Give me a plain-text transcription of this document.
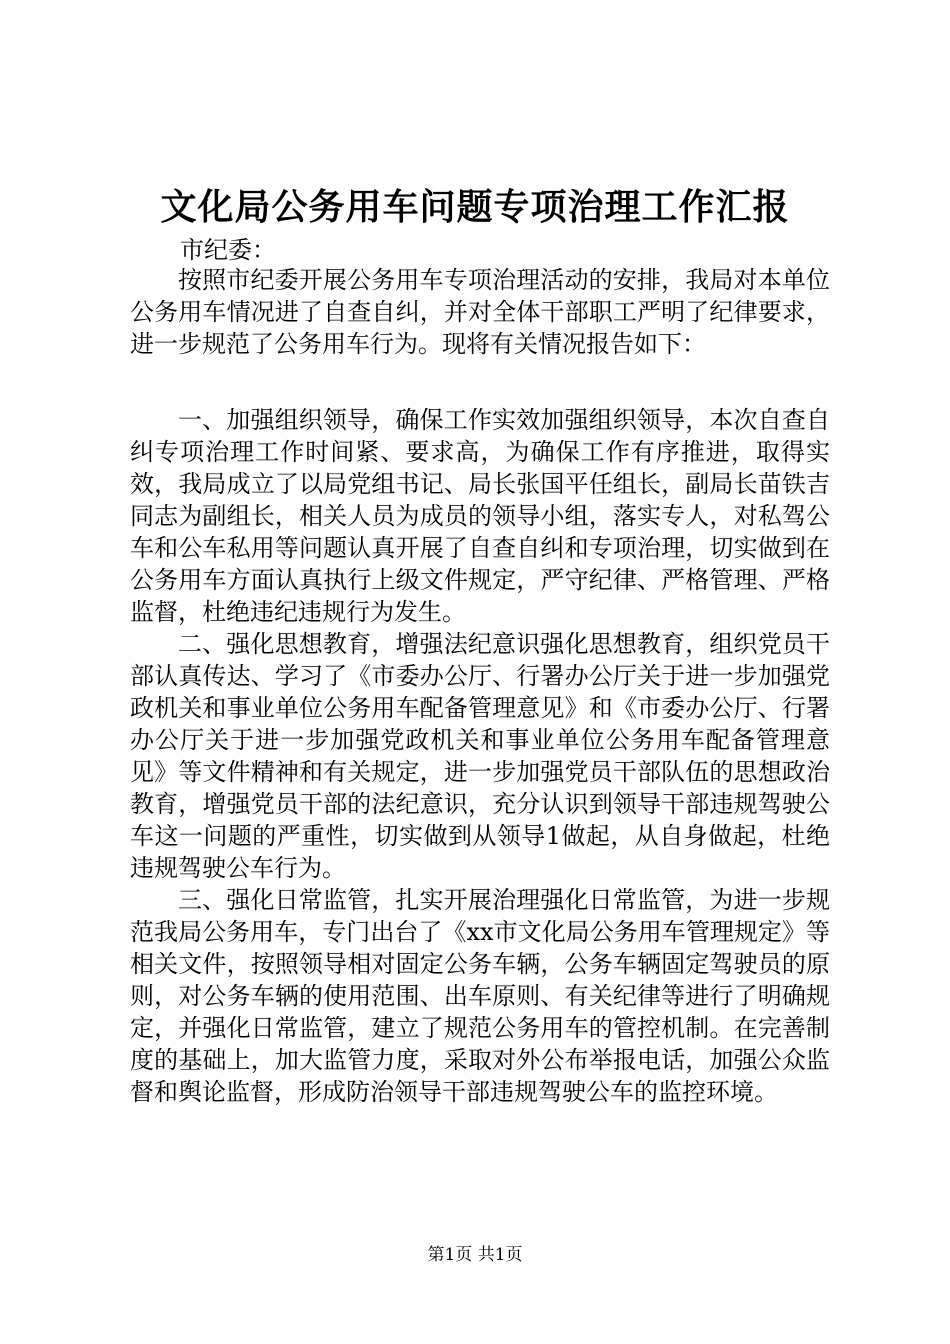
文化局公务用车问题专项治理工作汇报
市纪委：

按照市纪委开展公务用车专项治理活动的安排，我局对本单位公务用车情况进了自查自纠，并对全体干部职工严明了纪律要求，进一步规范了公务用车行为。现将有关情况报告如下：

一、加强组织领导，确保工作实效加强组织领导，本次自查自纠专项治理工作时间紧、要求高，为确保工作有序推进，取得实效，我局成立了以局党组书记、局长张国平任组长，副局长苗铁吉同志为副组长，相关人员为成员的领导小组，落实专人，对私驾公车和公车私用等问题认真开展了自查自纠和专项治理，切实做到在公务用车方面认真执行上级文件规定，严守纪律、严格管理、严格监督，杜绝违纪违规行为发生。

二、强化思想教育，增强法纪意识强化思想教育，组织党员干部认真传达、学习了《市委办公厅、行署办公厅关于进一步加强党政机关和事业单位公务用车配备管理意见》和《市委办公厅、行署办公厅关于进一步加强党政机关和事业单位公务用车配备管理意见》等文件精神和有关规定，进一步加强党员干部队伍的思想政治教育，增强党员干部的法纪意识，充分认识到领导干部违规驾驶公车这一问题的严重性，切实做到从领导1做起，从自身做起，杜绝违规驾驶公车行为。

三、强化日常监管，扎实开展治理强化日常监管，为进一步规范我局公务用车，专门出台了《xx市文化局公务用车管理规定》等相关文件，按照领导相对固定公务车辆，公务车辆固定驾驶员的原则，对公务车辆的使用范围、出车原则、有关纪律等进行了明确规定，并强化日常监管，建立了规范公务用车的管控机制。在完善制度的基础上，加大监管力度，采取对外公布举报电话，加强公众监督和舆论监督，形成防治领导干部违规驾驶公车的监控环境。

第1页 共1页
